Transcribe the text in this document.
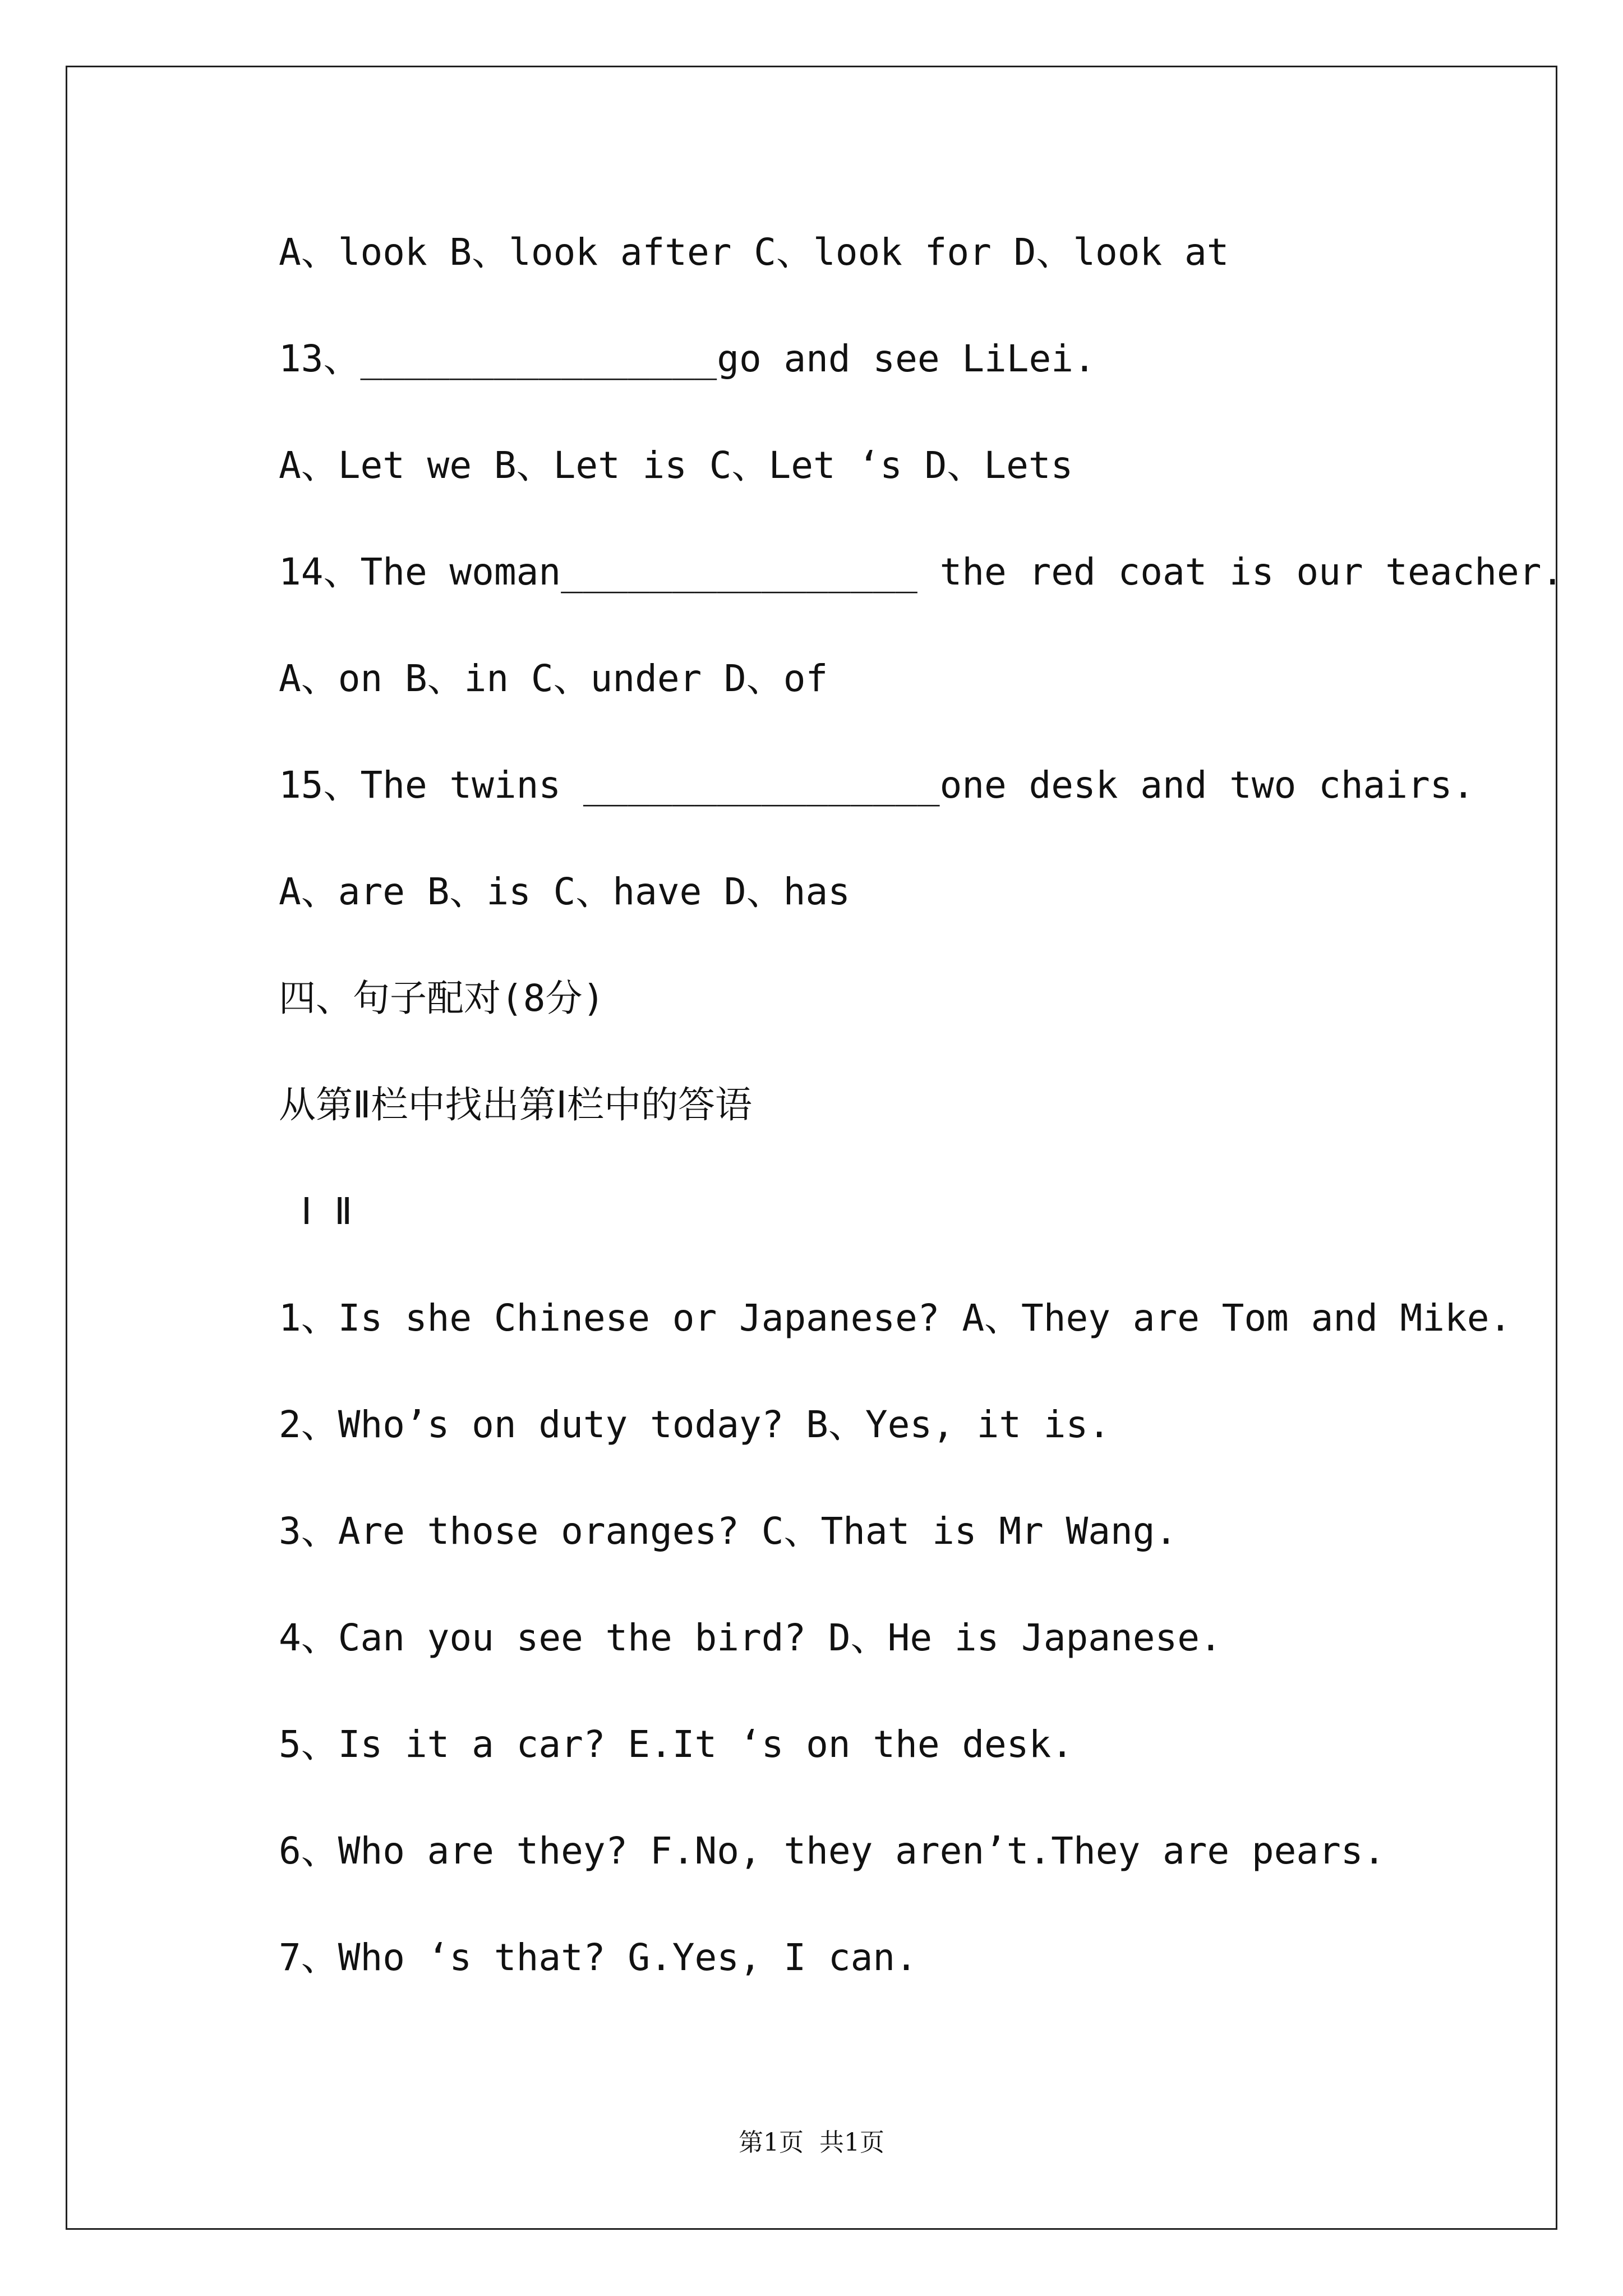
A、look B、look after C、look for D、look at
13、________________go and see LiLei.
A、Let we B、Let is C、Let ‘s D、Lets
14、The woman________________ the red coat is our teacher.
A、on B、in C、under D、of
15、The twins ________________one desk and two chairs.
A、are B、is C、have D、has
四、句子配对(8分)
从第Ⅱ栏中找出第Ⅰ栏中的答语
Ⅰ Ⅱ
1、Is she Chinese or Japanese? A、They are Tom and Mike.
2、Who’s on duty today? B、Yes, it is.
3、Are those oranges? C、That is Mr Wang.
4、Can you see the bird? D、He is Japanese.
5、Is it a car? E.It ‘s on the desk.
6、Who are they? F.No, they aren’t.They are pears.
7、Who ‘s that? G.Yes, I can.
第1页  共1页
